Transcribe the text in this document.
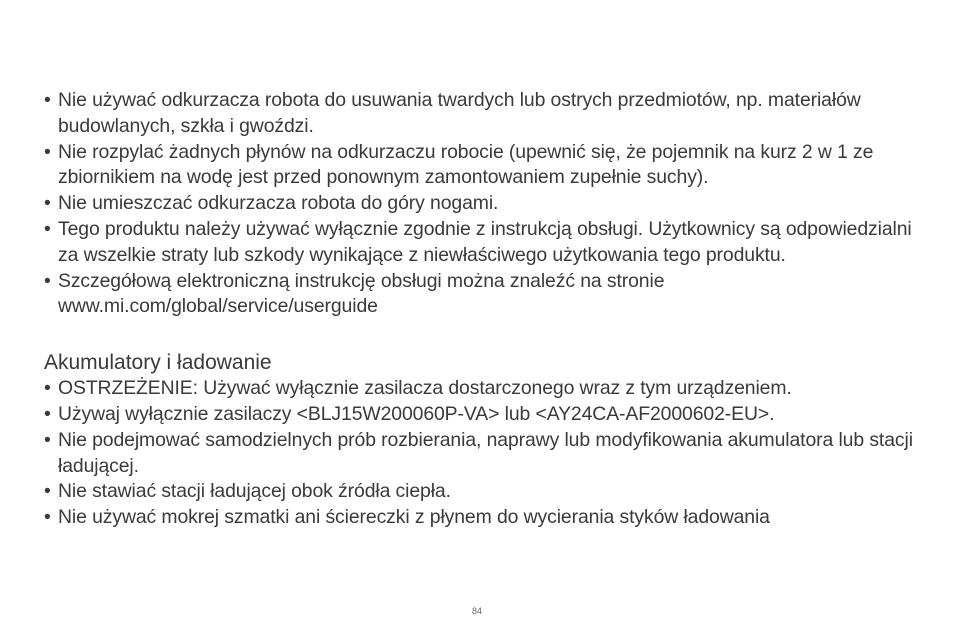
• Nie używać odkurzacza robota do usuwania twardych lub ostrych przedmiotów, np. materiałów budowlanych, szkła i gwoździ.
• Nie rozpylać żadnych płynów na odkurzaczu robocie (upewnić się, że pojemnik na kurz 2 w 1 ze zbiornikiem na wodę jest przed ponownym zamontowaniem zupełnie suchy).
• Nie umieszczać odkurzacza robota do góry nogami.
• Tego produktu należy używać wyłącznie zgodnie z instrukcją obsługi. Użytkownicy są odpowiedzialni za wszelkie straty lub szkody wynikające z niewłaściwego użytkowania tego produktu.
• Szczegółową elektroniczną instrukcję obsługi można znaleźć na stronie www.mi.com/global/service/userguide
Akumulatory i ładowanie
• OSTRZEŻENIE: Używać wyłącznie zasilacza dostarczonego wraz z tym urządzeniem.
• Używaj wyłącznie zasilaczy <BLJ15W200060P-VA> lub <AY24CA-AF2000602-EU>.
• Nie podejmować samodzielnych prób rozbierania, naprawy lub modyfikowania akumulatora lub stacji ładującej.
• Nie stawiać stacji ładującej obok źródła ciepła.
• Nie używać mokrej szmatki ani ściereczki z płynem do wycierania styków ładowania
84
